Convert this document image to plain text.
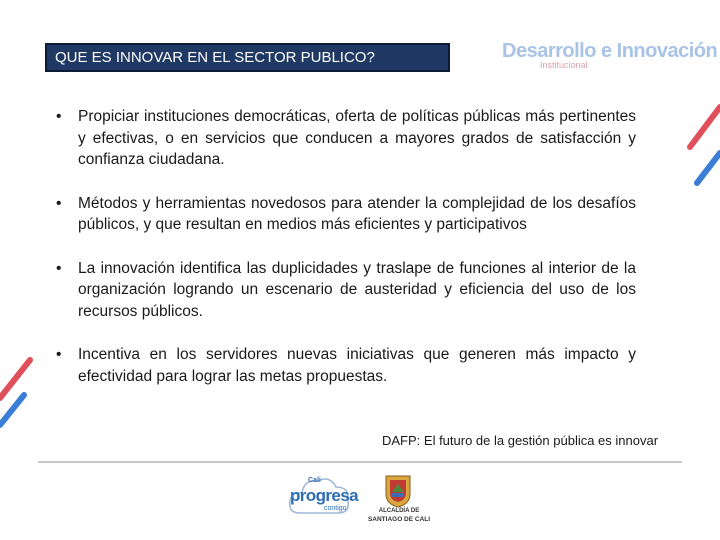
QUE ES INNOVAR EN EL SECTOR PUBLICO?	Desarrollo e Innovación
Institucional
• Propiciar instituciones democráticas, oferta de políticas públicas más pertinentes y efectivas, o en servicios que conducen a mayores grados de satisfacción y confianza ciudadana.
• Métodos y herramientas novedosos para atender la complejidad de los desafíos públicos, y que resultan en medios más eficientes y participativos
• La innovación identifica las duplicidades y traslape de funciones al interior de la organización logrando un escenario de austeridad y eficiencia del uso de los recursos públicos.
• Incentiva en los servidores nuevas iniciativas que generen más impacto y efectividad para lograr las metas propuestas.
DAFP: El futuro de la gestión pública es innovar
Cali
progresa
contigo	ALCALDÍA DE
SANTIAGO DE CALI
